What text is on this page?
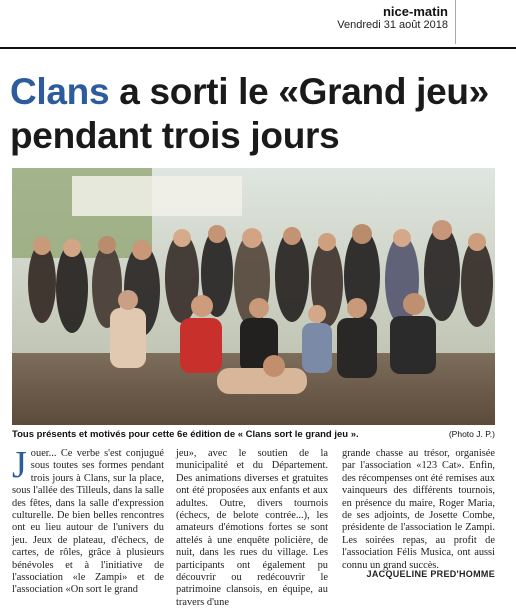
nice-matin
Vendredi 31 août 2018
Clans a sorti le «Grand jeu» pendant trois jours
Tous présents et motivés pour cette 6e édition de « Clans sort le grand jeu ».	(Photo J. P.)
Jouer... Ce verbe s'est conjugué sous toutes ses formes pendant trois jours à Clans, sur la place, sous l'allée des Tilleuls, dans la salle des fêtes, dans la salle d'expression culturelle. De bien belles rencontres ont eu lieu autour de l'univers du jeu. Jeux de plateau, d'échecs, de cartes, de rôles, grâce à plusieurs bénévoles et à l'initiative de l'association «le Zampi» et de l'association «On sort le grand
jeu», avec le soutien de la municipalité et du Département. Des animations diverses et gratuites ont été proposées aux enfants et aux adultes. Outre, divers tournois (échecs, de belote contrée...), les amateurs d'émotions fortes se sont attelés à une enquête policière, de nuit, dans les rues du village. Les participants ont également pu découvrir ou redécouvrir le patrimoine clansois, en équipe, au travers d'une
grande chasse au trésor, organisée par l'association «123 Cat». Enfin, des récompenses ont été remises aux vainqueurs des différents tournois, en présence du maire, Roger Maria, de ses adjoints, de Josette Combe, présidente de l'association le Zampi. Les soirées repas, au profit de l'association Félis Musica, ont aussi connu un grand succès.
JACQUELINE PRED'HOMME
